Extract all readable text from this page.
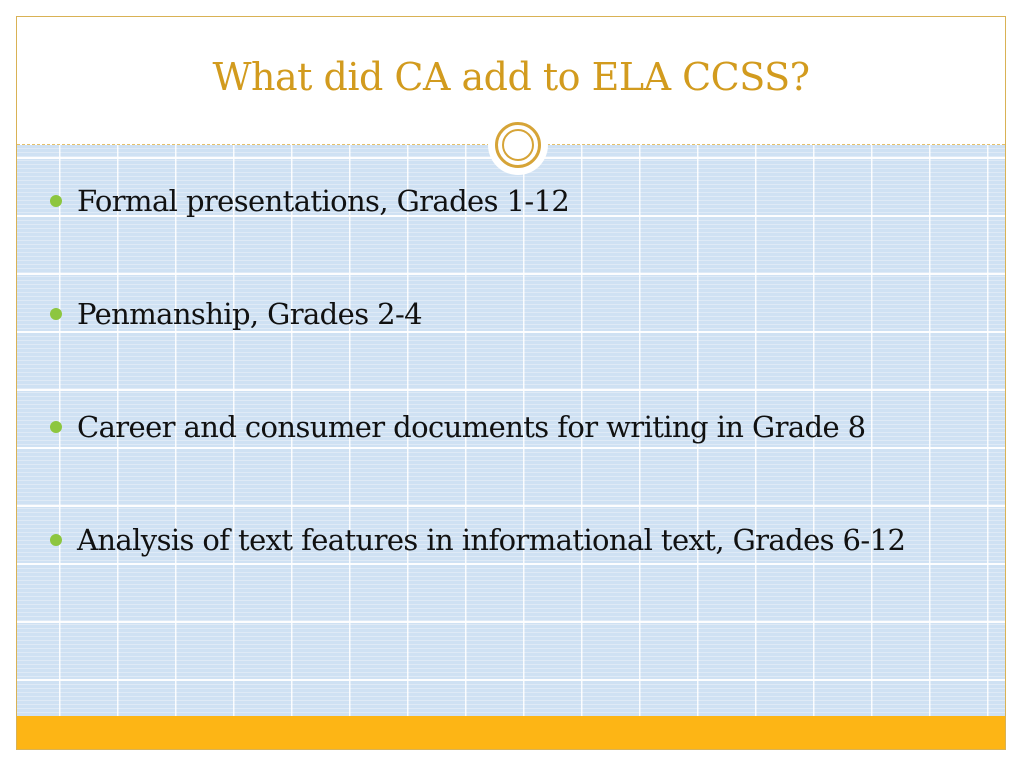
What did CA add to ELA CCSS?
Formal presentations, Grades 1-12
Penmanship, Grades 2-4
Career and consumer documents for writing in Grade 8
Analysis of text features in informational text, Grades 6-12
